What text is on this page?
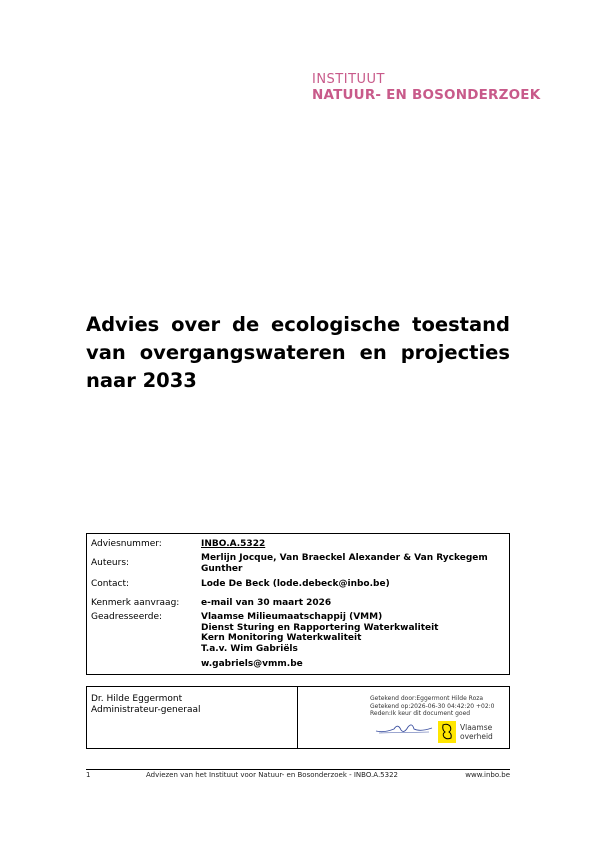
INSTITUUT
NATUUR- EN BOSONDERZOEK
Advies over de ecologische toestand van overgangswateren en projecties naar 2033
Adviesnummer:	INBO.A.5322
Auteurs:	Merlijn Jocque, Van Braeckel Alexander & Van Ryckegem Gunther
Contact:	Lode De Beck (lode.debeck@inbo.be)
Kenmerk aanvraag:	e-mail van 30 maart 2026
Geadresseerde:	Vlaamse Milieumaatschappij (VMM)
Dienst Sturing en Rapportering Waterkwaliteit
Kern Monitoring Waterkwaliteit
T.a.v. Wim Gabriëls
w.gabriels@vmm.be
Dr. Hilde Eggermont
Administrateur-generaal
Getekend door:Eggermont Hilde Roza
Getekend op:2026-06-30 04:42:20 +02:0
Reden:Ik keur dit document goed
Vlaamse
overheid
1	Adviezen van het Instituut voor Natuur- en Bosonderzoek - INBO.A.5322	www.inbo.be
